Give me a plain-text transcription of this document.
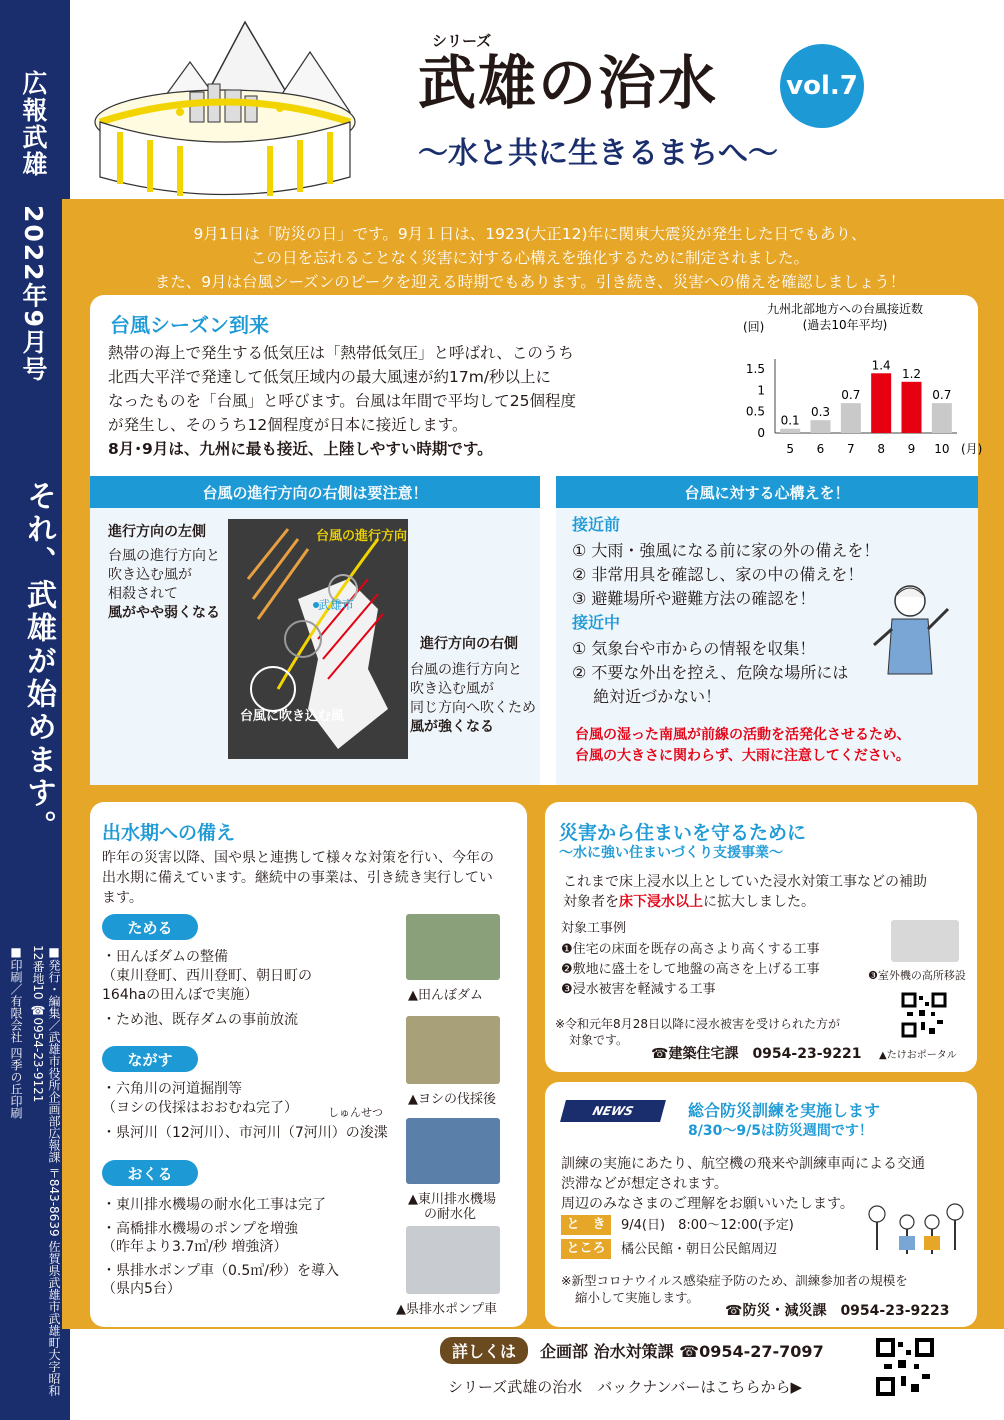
広報武雄　2022年9月号
それ、武雄が始めます。
■発行・編集／武雄市役所企画部広報課 〒843-8639 佐賀県武雄市武雄町大字昭和12番地10 ☎0954-23-9121
■印刷／有限会社 四季の丘印刷
シリーズ
武雄の治水	vol.7
〜水と共に生きるまちへ〜
9月1日は「防災の日」です。9月１日は、1923(大正12)年に関東大震災が発生した日でもあり、
この日を忘れることなく災害に対する心構えを強化するために制定されました。
また、9月は台風シーズンのピークを迎える時期でもあります。引き続き、災害への備えを確認しましょう！
台風シーズン到来
熱帯の海上で発生する低気圧は「熱帯低気圧」と呼ばれ、このうち
北西大平洋で発達して低気圧域内の最大風速が約17m/秒以上に
なったものを「台風」と呼びます。台風は年間で平均して25個程度
が発生し、そのうち12個程度が日本に接近します。
8月･9月は、九州に最も接近、上陸しやすい時期です。
九州北部地方への台風接近数
(過去10年平均)
(回)
(月)
0
0.5
1
1.5
0.1
5
0.3
6
0.7
7
1.4
8
1.2
9
0.7
10
台風の進行方向の右側は要注意！	台風に対する心構えを！
台風の進行方向
武雄市
台風に吹き込む風
進行方向の左側
台風の進行方向と
吹き込む風が
相殺されて
風がやや弱くなる
進行方向の右側
台風の進行方向と
吹き込む風が
同じ方向へ吹くため
風が強くなる
接近前
① 大雨・強風になる前に家の外の備えを！
② 非常用具を確認し、家の中の備えを！
③ 避難場所や避難方法の確認を！
接近中
① 気象台や市からの情報を収集！
② 不要な外出を控え、危険な場所には
　 絶対近づかない！
台風の湿った南風が前線の活動を活発化させるため、
台風の大きさに関わらず、大雨に注意してください。
出水期への備え
昨年の災害以降、国や県と連携して様々な対策を行い、今年の
出水期に備えています。継続中の事業は、引き続き実行してい
ます。
ためる
・田んぼダムの整備
（東川登町、西川登町、朝日町の
164haの田んぼで実施）
・ため池、既存ダムの事前放流
▲田んぼダム
ながす
しゅんせつ
・六角川の河道掘削等
（ヨシの伐採はおおむね完了）
・県河川（12河川）、市河川（7河川）の浚渫
▲ヨシの伐採後
おくる
・東川排水機場の耐水化工事は完了
・高橋排水機場のポンプを増強
（昨年より3.7㎥/秒 増強済）
・県排水ポンプ車（0.5㎥/秒）を導入
（県内5台）
▲東川排水機場
の耐水化
▲県排水ポンプ車
災害から住まいを守るために
〜水に強い住まいづくり支援事業〜
これまで床上浸水以上としていた浸水対策工事などの補助
対象者を床下浸水以上に拡大しました。
対象工事例
❶住宅の床面を既存の高さより高くする工事
❷敷地に盛土をして地盤の高さを上げる工事
❸浸水被害を軽減する工事
❸室外機の高所移設
※令和元年8月28日以降に浸水被害を受けられた方が
対象です。
☎建築住宅課　0954-23-9221 ▲たけおポータル
NEWS	総合防災訓練を実施します
8/30〜9/5は防災週間です！
訓練の実施にあたり、航空機の飛来や訓練車両による交通
渋滞などが想定されます。
周辺のみなさまのご理解をお願いいたします。
と　き	9/4(日)　8:00〜12:00(予定)
ところ	橘公民館・朝日公民館周辺
※新型コロナウイルス感染症予防のため、訓練参加者の規模を
縮小して実施します。
☎防災・減災課　0954-23-9223
詳しくは	企画部 治水対策課 ☎0954-27-7097
シリーズ武雄の治水　バックナンバーはこちらから▶
